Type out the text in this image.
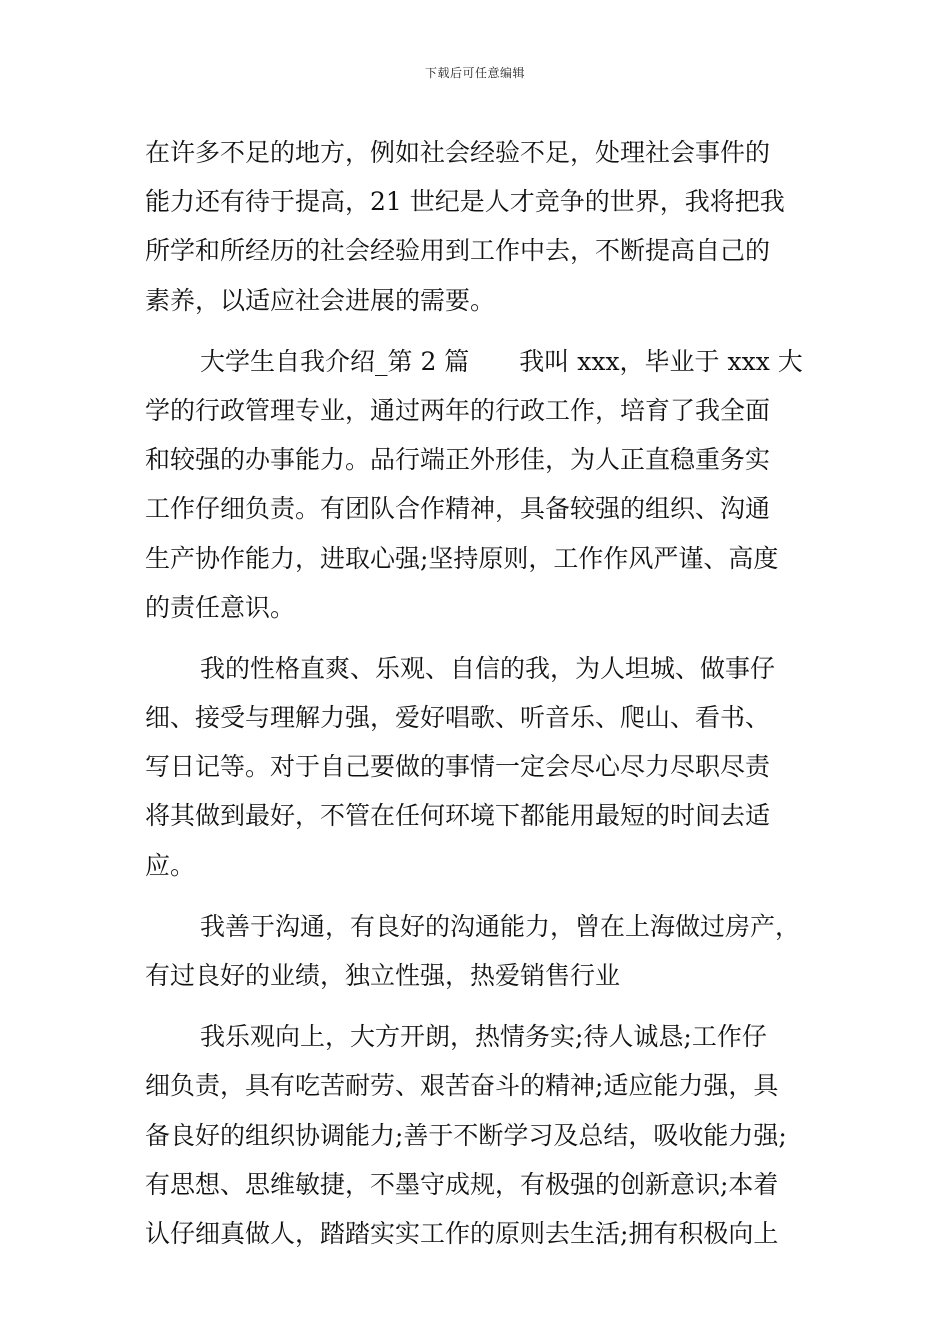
下载后可任意编辑
在许多不足的地方，例如社会经验不足，处理社会事件的
能力还有待于提高，21 世纪是人才竞争的世界，我将把我
所学和所经历的社会经验用到工作中去，不断提高自己的
素养，以适应社会进展的需要。
大学生自我介绍_第 2 篇　　我叫 xxx，毕业于 xxx 大
学的行政管理专业，通过两年的行政工作，培育了我全面
和较强的办事能力。品行端正外形佳，为人正直稳重务实
工作仔细负责。有团队合作精神，具备较强的组织、沟通
生产协作能力，进取心强;坚持原则，工作作风严谨、高度
的责任意识。
我的性格直爽、乐观、自信的我，为人坦城、做事仔
细、接受与理解力强，爱好唱歌、听音乐、爬山、看书、
写日记等。对于自己要做的事情一定会尽心尽力尽职尽责
将其做到最好，不管在任何环境下都能用最短的时间去适
应。
我善于沟通，有良好的沟通能力，曾在上海做过房产，
有过良好的业绩，独立性强，热爱销售行业
我乐观向上，大方开朗，热情务实;待人诚恳;工作仔
细负责，具有吃苦耐劳、艰苦奋斗的精神;适应能力强，具
备良好的组织协调能力;善于不断学习及总结，吸收能力强;
有思想、思维敏捷，不墨守成规，有极强的创新意识;本着
认仔细真做人，踏踏实实工作的原则去生活;拥有积极向上
